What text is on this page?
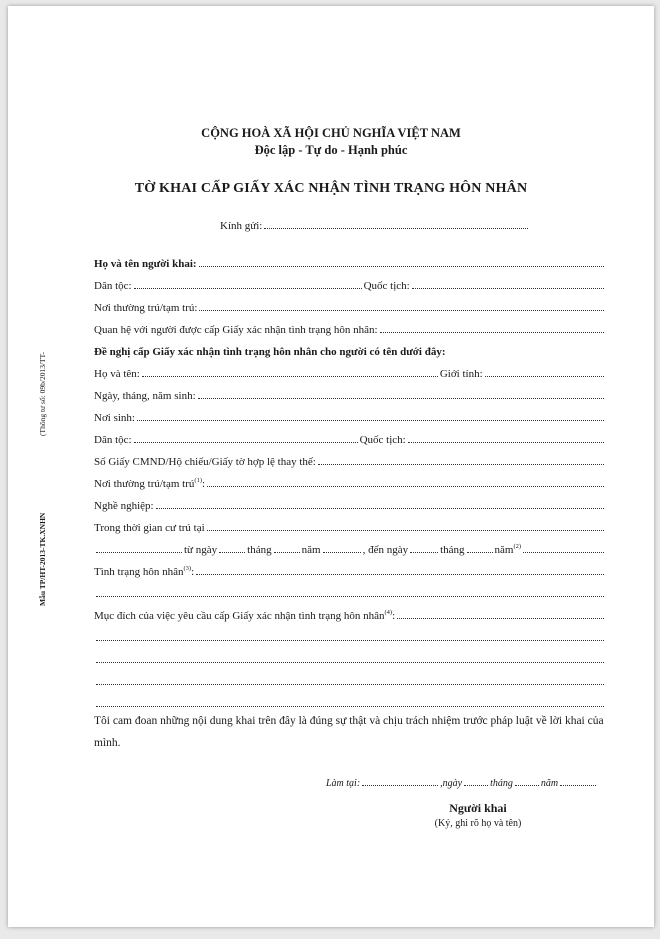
(Thông tư số: 09b/2013/TT-
Mẫu TP/HT-2013-TK.XNHN
CỘNG HOÀ XÃ HỘI CHỦ NGHĨA VIỆT NAM
Độc lập - Tự do - Hạnh phúc
TỜ KHAI CẤP GIẤY XÁC NHẬN TÌNH TRẠNG HÔN NHÂN
Kính gửi:
Họ và tên người khai:
Dân tộc:	Quốc tịch:
Nơi thường trú/tạm trú:
Quan hệ với người được cấp Giấy xác nhận tình trạng hôn nhân:
Đề nghị cấp Giấy xác nhận tình trạng hôn nhân cho người có tên dưới đây:
Họ và tên:	Giới tính:
Ngày, tháng, năm sinh:
Nơi sinh:
Dân tộc:	Quốc tịch:
Số Giấy CMND/Hộ chiếu/Giấy tờ hợp lệ thay thế:
Nơi thường trú/tạm trú$^{(1)}$:
Nghề nghiệp:
Trong thời gian cư trú tại
từ ngày	tháng	năm	, đến ngày	tháng	năm$^{(2)}$
Tình trạng hôn nhân$^{(3)}$:
Mục đích của việc yêu cầu cấp Giấy xác nhận tình trạng hôn nhân$^{(4)}$:
Tôi cam đoan những nội dung khai trên đây là đúng sự thật và chịu trách nhiệm trước pháp luật về lời khai của mình.
Làm tại:	,ngày	tháng	năm
Người khai
(Ký, ghi rõ họ và tên)
